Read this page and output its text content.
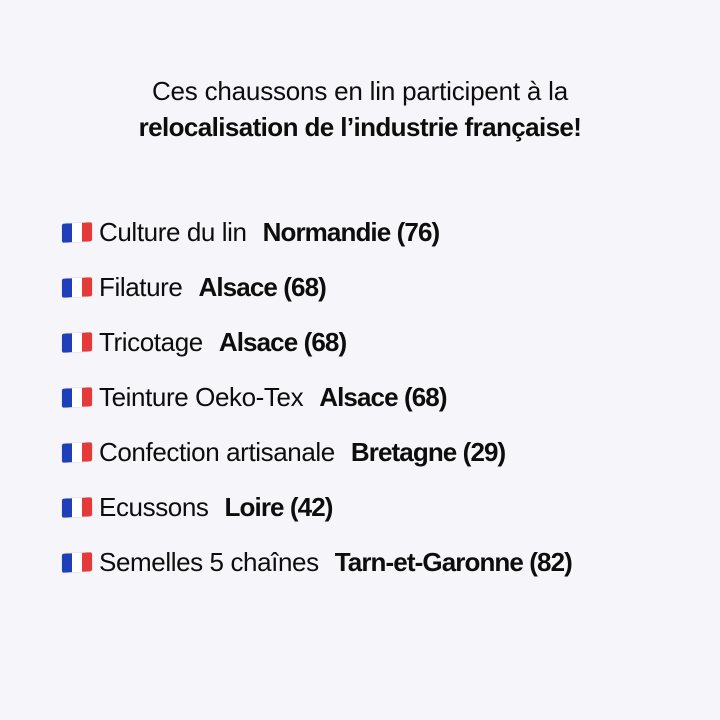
Ces chaussons en lin participent à la
relocalisation de l’industrie française!
Culture du lin Normandie (76)
Filature Alsace (68)
Tricotage Alsace (68)
Teinture Oeko-Tex Alsace (68)
Confection artisanale Bretagne (29)
Ecussons Loire (42)
Semelles 5 chaînes Tarn-et-Garonne (82)
